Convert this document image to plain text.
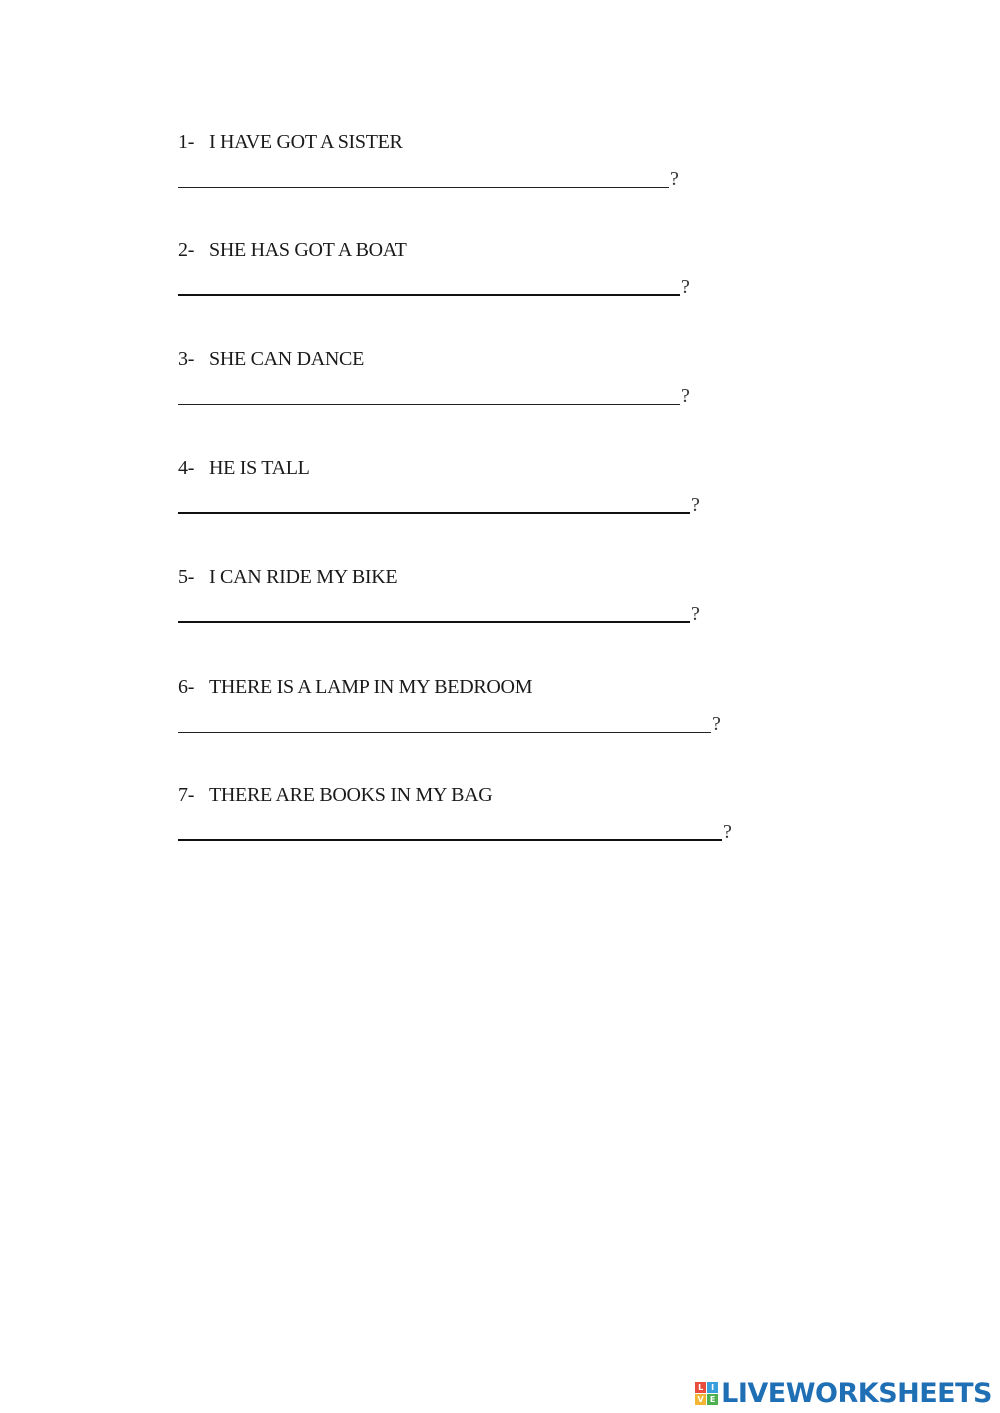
1- I HAVE GOT A SISTER
?
2- SHE HAS GOT A BOAT
?
3- SHE CAN DANCE
?
4- HE IS TALL
?
5- I CAN RIDE MY BIKE
?
6- THERE IS A LAMP IN MY BEDROOM
?
7- THERE ARE BOOKS IN MY BAG
?
L I
V E LIVEWORKSHEETS
